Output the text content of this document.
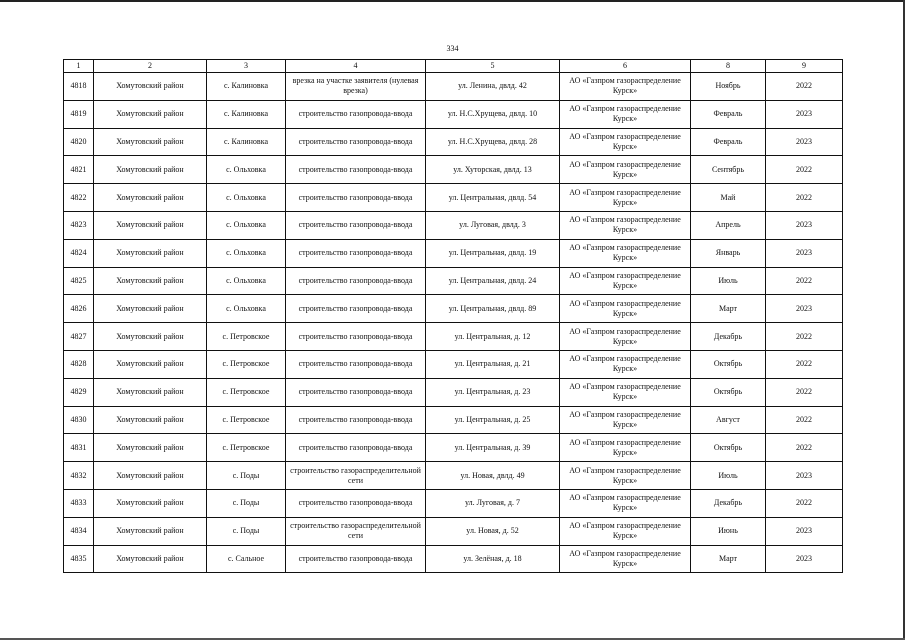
334
1	2	3	4	5	6	8	9
4818	Хомутовский район	с. Калиновка	врезка на участке заявителя (нулевая врезка)	ул. Ленина, двлд. 42	АО «Газпром газораспределение Курск»	Ноябрь	2022
4819	Хомутовский район	с. Калиновка	строительство газопровода-ввода	ул. Н.С.Хрущева, двлд. 10	АО «Газпром газораспределение Курск»	Февраль	2023
4820	Хомутовский район	с. Калиновка	строительство газопровода-ввода	ул. Н.С.Хрущева, двлд. 28	АО «Газпром газораспределение Курск»	Февраль	2023
4821	Хомутовский район	с. Ольховка	строительство газопровода-ввода	ул. Хуторская, двлд. 13	АО «Газпром газораспределение Курск»	Сентябрь	2022
4822	Хомутовский район	с. Ольховка	строительство газопровода-ввода	ул. Центральная, двлд. 54	АО «Газпром газораспределение Курск»	Май	2022
4823	Хомутовский район	с. Ольховка	строительство газопровода-ввода	ул. Луговая, двлд. 3	АО «Газпром газораспределение Курск»	Апрель	2023
4824	Хомутовский район	с. Ольховка	строительство газопровода-ввода	ул. Центральная, двлд. 19	АО «Газпром газораспределение Курск»	Январь	2023
4825	Хомутовский район	с. Ольховка	строительство газопровода-ввода	ул. Центральная, двлд. 24	АО «Газпром газораспределение Курск»	Июль	2022
4826	Хомутовский район	с. Ольховка	строительство газопровода-ввода	ул. Центральная, двлд. 89	АО «Газпром газораспределение Курск»	Март	2023
4827	Хомутовский район	с. Петровское	строительство газопровода-ввода	ул. Центральная, д. 12	АО «Газпром газораспределение Курск»	Декабрь	2022
4828	Хомутовский район	с. Петровское	строительство газопровода-ввода	ул. Центральная, д. 21	АО «Газпром газораспределение Курск»	Октябрь	2022
4829	Хомутовский район	с. Петровское	строительство газопровода-ввода	ул. Центральная, д. 23	АО «Газпром газораспределение Курск»	Октябрь	2022
4830	Хомутовский район	с. Петровское	строительство газопровода-ввода	ул. Центральная, д. 25	АО «Газпром газораспределение Курск»	Август	2022
4831	Хомутовский район	с. Петровское	строительство газопровода-ввода	ул. Центральная, д. 39	АО «Газпром газораспределение Курск»	Октябрь	2022
4832	Хомутовский район	с. Поды	строительство газораспределительной сети	ул. Новая, двлд. 49	АО «Газпром газораспределение Курск»	Июль	2023
4833	Хомутовский район	с. Поды	строительство газопровода-ввода	ул. Луговая, д. 7	АО «Газпром газораспределение Курск»	Декабрь	2022
4834	Хомутовский район	с. Поды	строительство газораспределительной сети	ул. Новая, д. 52	АО «Газпром газораспределение Курск»	Июнь	2023
4835	Хомутовский район	с. Сальное	строительство газопровода-ввода	ул. Зелёная, д. 18	АО «Газпром газораспределение Курск»	Март	2023
